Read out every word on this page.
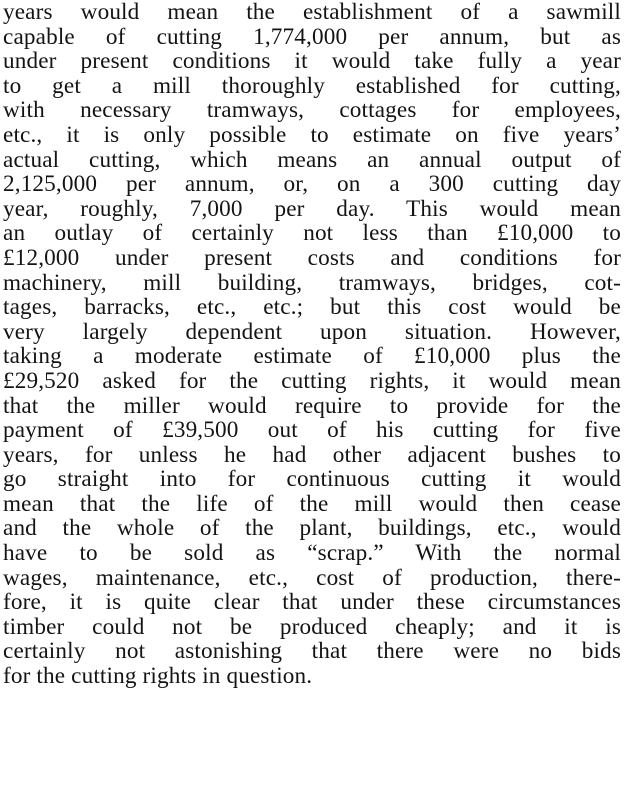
years would mean the establishment of a sawmill
capable of cutting 1,774,000 per annum, but as
under present conditions it would take fully a year
to get a mill thoroughly established for cutting,
with necessary tramways, cottages for employees,
etc., it is only possible to estimate on five years’
actual cutting, which means an annual output of
2,125,000 per annum, or, on a 300 cutting day
year, roughly, 7,000 per day. This would mean
an outlay of certainly not less than £10,000 to
£12,000 under present costs and conditions for
machinery, mill building, tramways, bridges, cot-
tages, barracks, etc., etc.; but this cost would be
very largely dependent upon situation. However,
taking a moderate estimate of £10,000 plus the
£29,520 asked for the cutting rights, it would mean
that the miller would require to provide for the
payment of £39,500 out of his cutting for five
years, for unless he had other adjacent bushes to
go straight into for continuous cutting it would
mean that the life of the mill would then cease
and the whole of the plant, buildings, etc., would
have to be sold as “scrap.” With the normal
wages, maintenance, etc., cost of production, there-
fore, it is quite clear that under these circumstances
timber could not be produced cheaply; and it is
certainly not astonishing that there were no bids
for the cutting rights in question.
